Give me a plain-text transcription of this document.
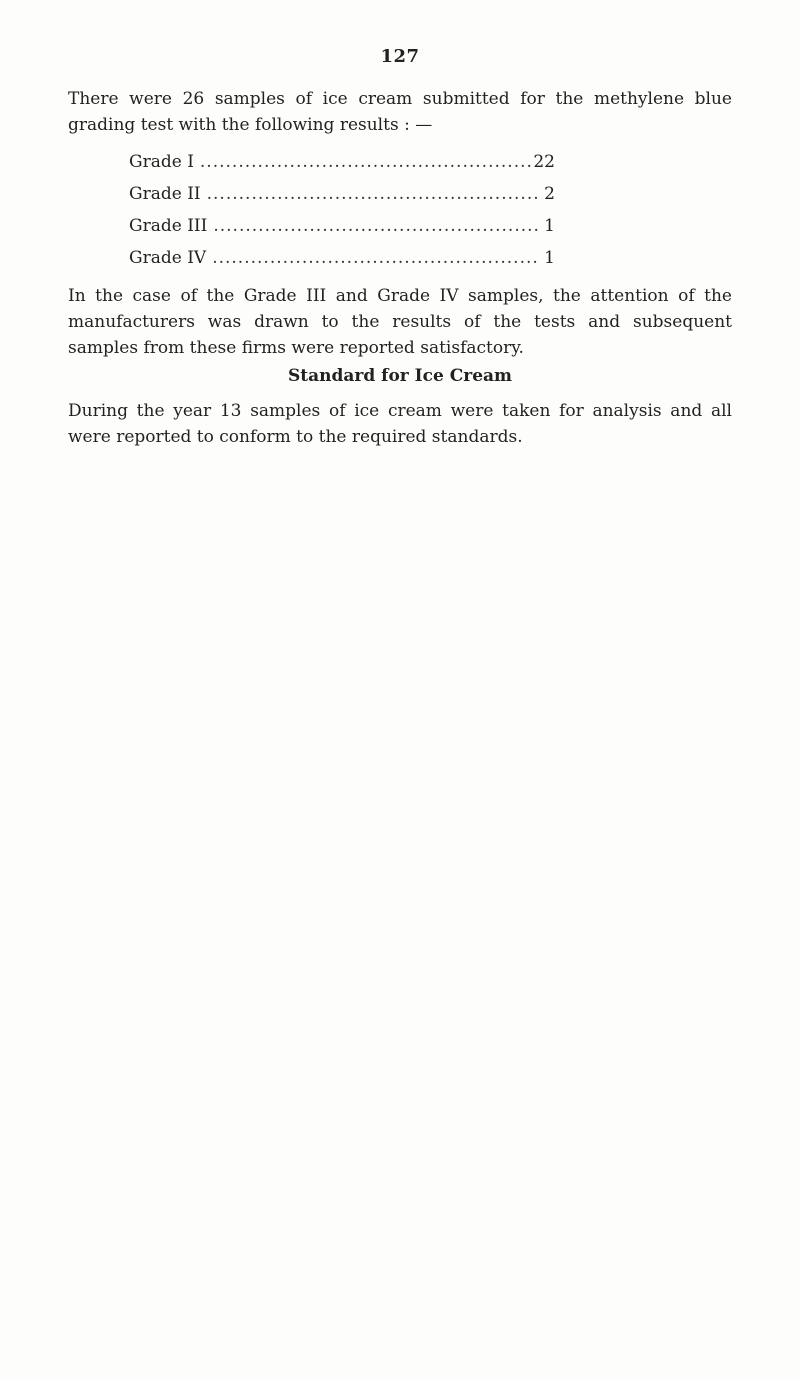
127

There were 26 samples of ice cream submitted for the methylene blue grading test with the following results : —

Grade I .....	22
Grade II .....	2
Grade III .....	1
Grade IV .....	1

In the case of the Grade III and Grade IV samples, the attention of the manufacturers was drawn to the results of the tests and subsequent samples from these firms were reported satisfactory.

Standard for Ice Cream

During the year 13 samples of ice cream were taken for analysis and all were reported to conform to the required standards.
